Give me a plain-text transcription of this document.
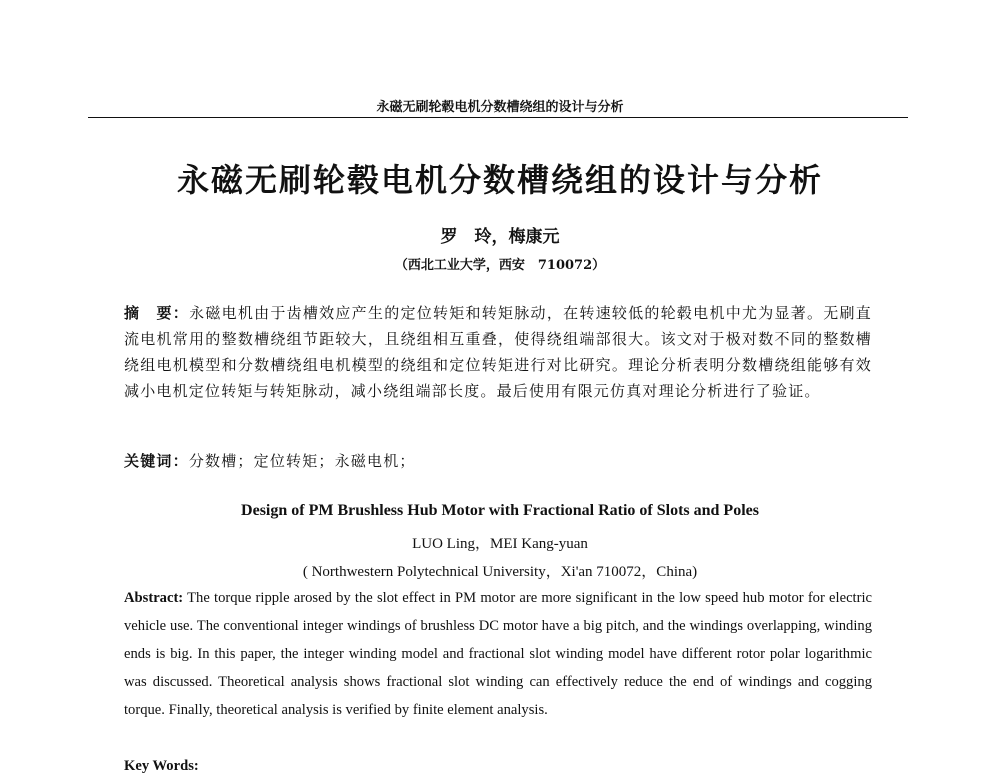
永磁无刷轮毂电机分数槽绕组的设计与分析
永磁无刷轮毂电机分数槽绕组的设计与分析
罗　玲，梅康元
（西北工业大学，西安　710072）
摘　要：永磁电机由于齿槽效应产生的定位转矩和转矩脉动，在转速较低的轮毂电机中尤为显著。无刷直流电机常用的整数槽绕组节距较大，且绕组相互重叠，使得绕组端部很大。该文对于极对数不同的整数槽绕组电机模型和分数槽绕组电机模型的绕组和定位转矩进行对比研究。理论分析表明分数槽绕组能够有效减小电机定位转矩与转矩脉动，减小绕组端部长度。最后使用有限元仿真对理论分析进行了验证。
关键词：分数槽；定位转矩；永磁电机；
Design of PM Brushless Hub Motor with Fractional Ratio of Slots and Poles
LUO Ling，MEI Kang-yuan
( Northwestern Polytechnical University，Xi'an 710072，China)
Abstract: The torque ripple arosed by the slot effect in PM motor are more significant in the low speed hub motor for electric vehicle use. The conventional integer windings of brushless DC motor have a big pitch, and the windings overlapping, winding ends is big. In this paper, the integer winding model and fractional slot winding model have different rotor polar logarithmic was discussed. Theoretical analysis shows fractional slot winding can effectively reduce the end of windings and cogging torque. Finally, theoretical analysis is verified by finite element analysis.
Key Words:
